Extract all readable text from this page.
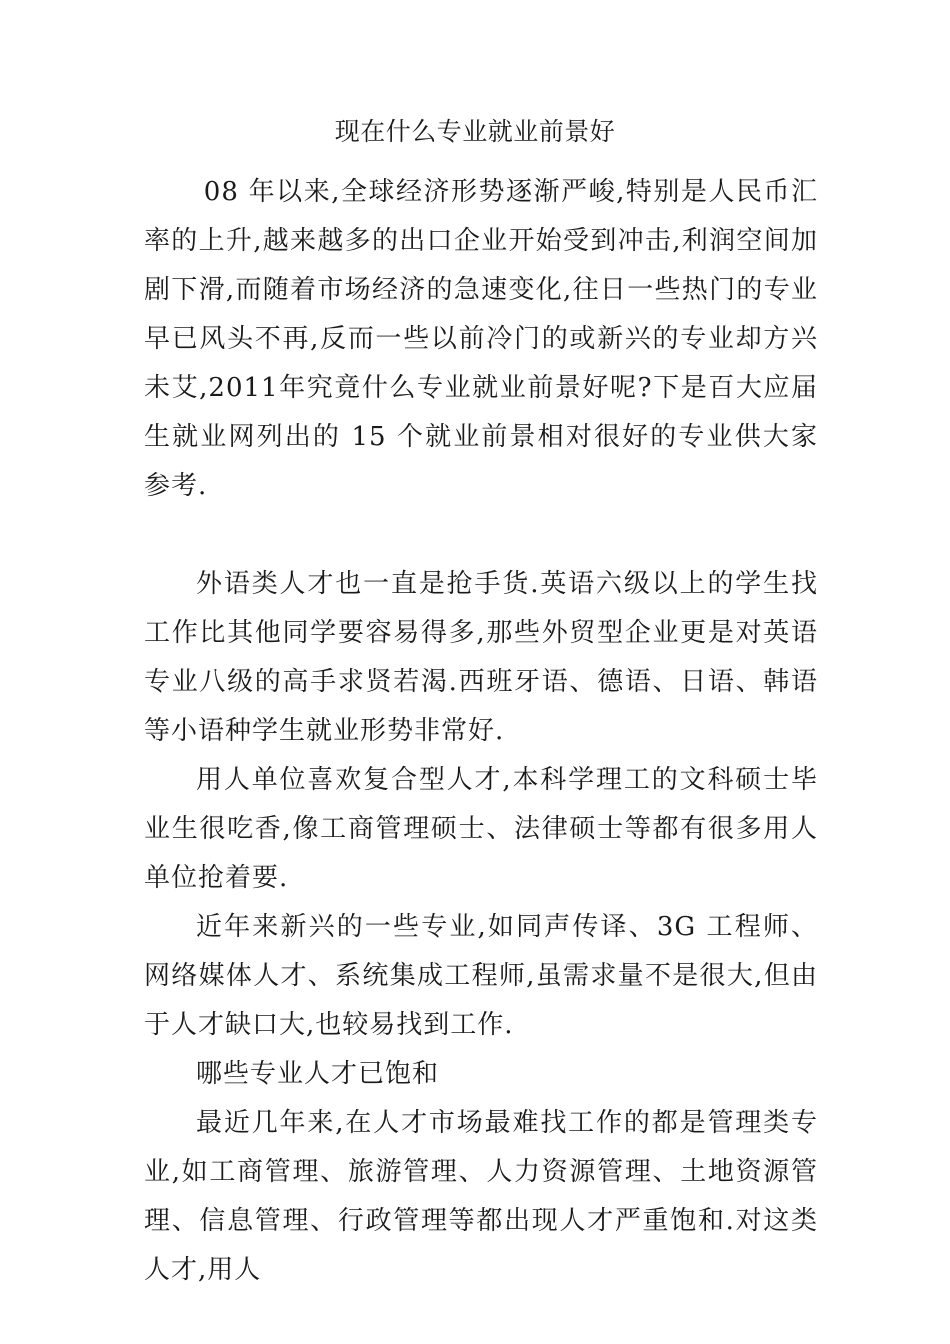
现在什么专业就业前景好

08 年以来,全球经济形势逐渐严峻,特别是人民币汇率的上升,越来越多的出口企业开始受到冲击,利润空间加剧下滑,而随着市场经济的急速变化,往日一些热门的专业早已风头不再,反而一些以前冷门的或新兴的专业却方兴未艾,2011年究竟什么专业就业前景好呢?下是百大应届生就业网列出的 15 个就业前景相对很好的专业供大家参考.

外语类人才也一直是抢手货.英语六级以上的学生找工作比其他同学要容易得多,那些外贸型企业更是对英语专业八级的高手求贤若渴.西班牙语、德语、日语、韩语等小语种学生就业形势非常好.

用人单位喜欢复合型人才,本科学理工的文科硕士毕业生很吃香,像工商管理硕士、法律硕士等都有很多用人单位抢着要.

近年来新兴的一些专业,如同声传译、3G 工程师、网络媒体人才、系统集成工程师,虽需求量不是很大,但由于人才缺口大,也较易找到工作.

哪些专业人才已饱和

最近几年来,在人才市场最难找工作的都是管理类专业,如工商管理、旅游管理、人力资源管理、土地资源管理、信息管理、行政管理等都出现人才严重饱和.对这类人才,用人
